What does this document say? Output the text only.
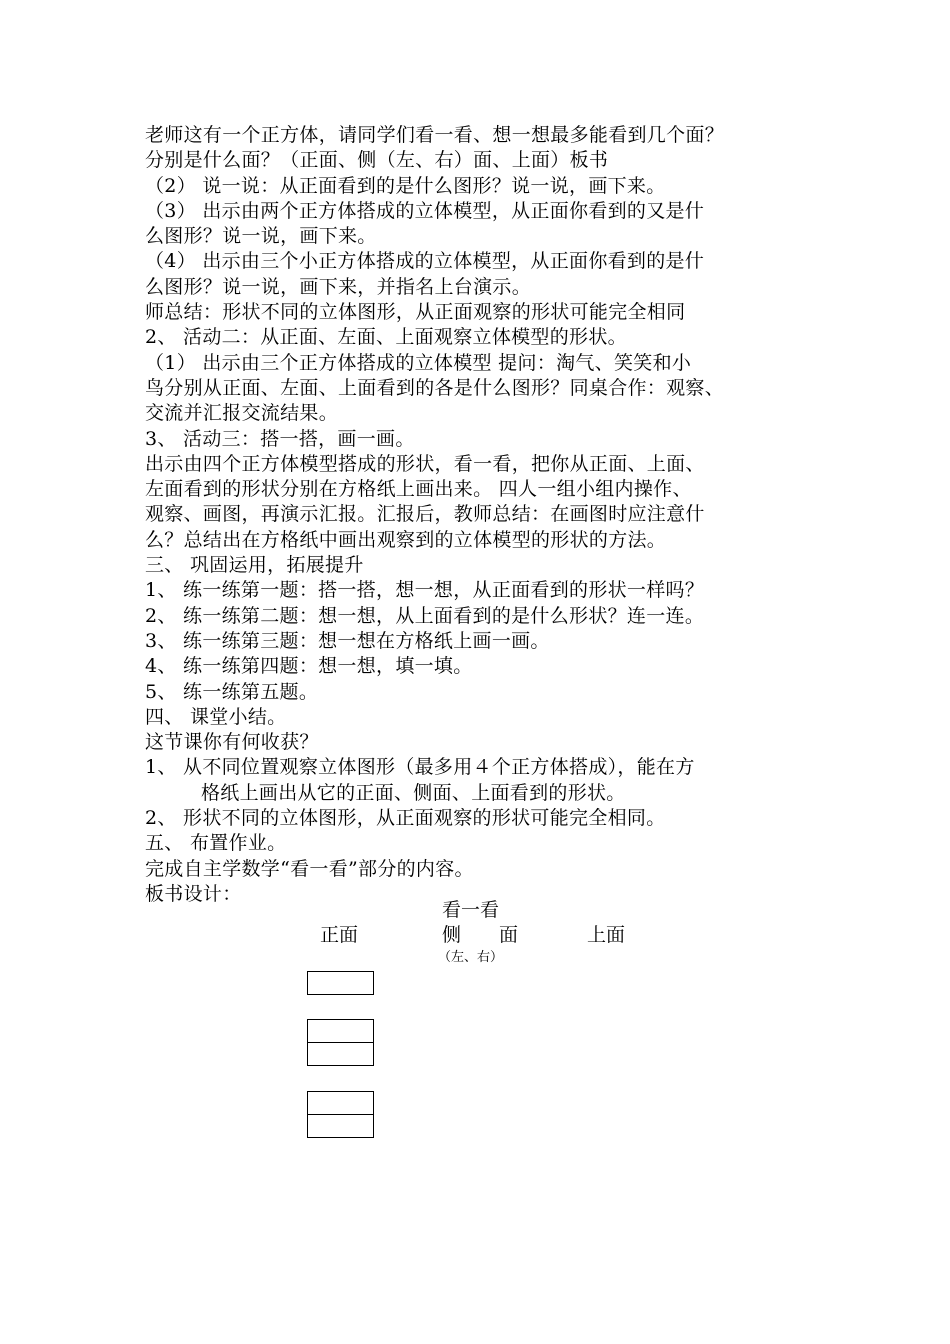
老师这有一个正方体，请同学们看一看、想一想最多能看到几个面？
分别是什么面？（正面、侧（左、右）面、上面）板书
（2） 说一说：从正面看到的是什么图形？说一说，画下来。
（3） 出示由两个正方体搭成的立体模型，从正面你看到的又是什
么图形？说一说，画下来。
（4） 出示由三个小正方体搭成的立体模型，从正面你看到的是什
么图形？说一说，画下来，并指名上台演示。
师总结：形状不同的立体图形，从正面观察的形状可能完全相同
2、 活动二：从正面、左面、上面观察立体模型的形状。
（1） 出示由三个正方体搭成的立体模型 提问：淘气、笑笑和小
鸟分别从正面、左面、上面看到的各是什么图形？同桌合作：观察、
交流并汇报交流结果。
3、 活动三：搭一搭，画一画。
出示由四个正方体模型搭成的形状，看一看，把你从正面、上面、
左面看到的形状分别在方格纸上画出来。 四人一组小组内操作、
观察、画图，再演示汇报。汇报后，教师总结：在画图时应注意什
么？总结出在方格纸中画出观察到的立体模型的形状的方法。
三、 巩固运用，拓展提升
1、 练一练第一题：搭一搭，想一想，从正面看到的形状一样吗？
2、 练一练第二题：想一想，从上面看到的是什么形状？连一连。
3、 练一练第三题：想一想在方格纸上画一画。
4、 练一练第四题：想一想，填一填。
5、 练一练第五题。
四、 课堂小结。
这节课你有何收获？
1、 从不同位置观察立体图形（最多用４个正方体搭成），能在方
格纸上画出从它的正面、侧面、上面看到的形状。
2、 形状不同的立体图形，从正面观察的形状可能完全相同。
五、 布置作业。
完成自主学数学“看一看”部分的内容。
板书设计：
看一看
正面	侧 面	上面
（左、右）
